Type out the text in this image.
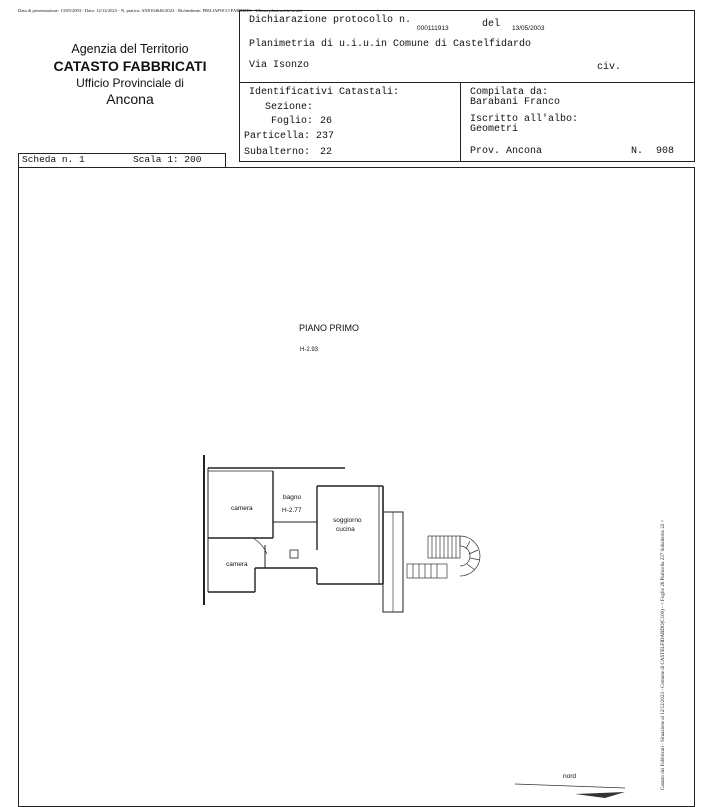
Data di presentazione: 13/05/2003 - Data: 12/12/2023 - N. pratica: AN0104646/2023 - Richiedente: FRILIAPOCO FABRIZIO - Ultima planimetria in atti
Agenzia del Territorio
CATASTO FABBRICATI
Ufficio Provinciale di
Ancona
Dichiarazione protocollo n.
000111913	del 13/05/2003
Planimetria di u.i.u.in Comune di Castelfidardo
Via Isonzo	civ.
Identificativi Catastali:
Sezione:
Foglio: 26
Particella: 237
Subalterno: 22
Compilata da:
Barabani Franco
Iscritto all'albo:
Geometri
Prov. Ancona	N. 908
Scheda n. 1	Scala 1: 200
PIANO PRIMO
H-2.93
camera
bagno
H-2.77
soggiorno
cucina
camera
nord	Catasto dei Fabbricati - Situazione al 12/12/2023 - Comune di CASTELFIDARDO(C100) - < Foglio 26 Particella 237 Subalterno 22 >
